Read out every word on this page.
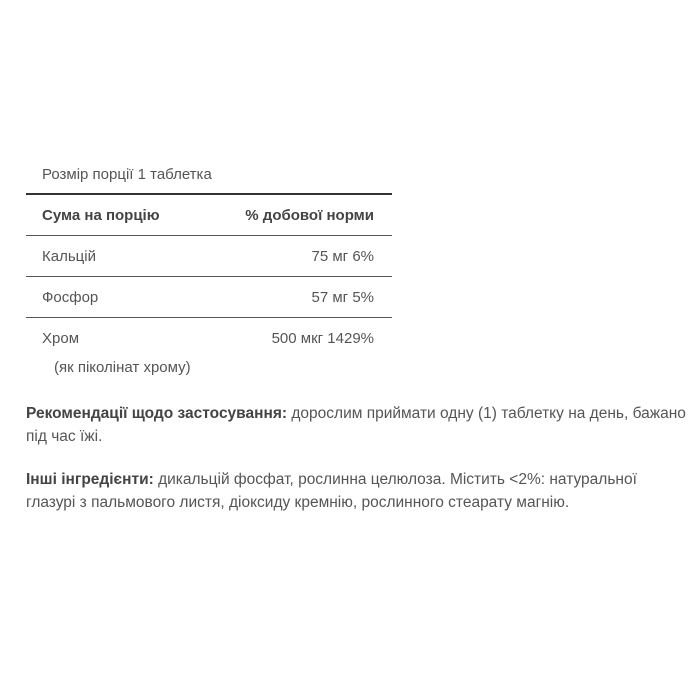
Розмір порції 1 таблетка
Сума на порцію	% добової норми
Кальцій	75 мг 6%
Фосфор	57 мг 5%
Хром	500 мкг 1429%
(як піколінат хрому)
Рекомендації щодо застосування: дорослим приймати одну (1) таблетку на день, бажано під час їжі.
Інші інгредієнти: дикальцій фосфат, рослинна целюлоза. Містить <2%: натуральної глазурі з пальмового листя, діоксиду кремнію, рослинного стеарату магнію.
